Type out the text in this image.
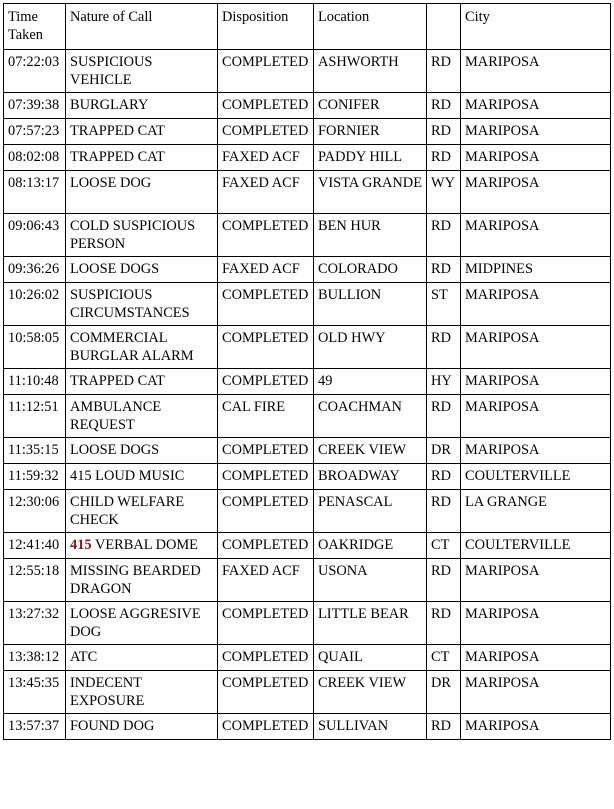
Time Taken	Nature of Call	Disposition	Location		City
07:22:03	SUSPICIOUS VEHICLE	COMPLETED	ASHWORTH	RD	MARIPOSA
07:39:38	BURGLARY	COMPLETED	CONIFER	RD	MARIPOSA
07:57:23	TRAPPED CAT	COMPLETED	FORNIER	RD	MARIPOSA
08:02:08	TRAPPED CAT	FAXED ACF	PADDY HILL	RD	MARIPOSA
08:13:17	LOOSE DOG	FAXED ACF	VISTA GRANDE	WY	MARIPOSA
09:06:43	COLD SUSPICIOUS PERSON	COMPLETED	BEN HUR	RD	MARIPOSA
09:36:26	LOOSE DOGS	FAXED ACF	COLORADO	RD	MIDPINES
10:26:02	SUSPICIOUS CIRCUMSTANCES	COMPLETED	BULLION	ST	MARIPOSA
10:58:05	COMMERCIAL BURGLAR ALARM	COMPLETED	OLD HWY	RD	MARIPOSA
11:10:48	TRAPPED CAT	COMPLETED	49	HY	MARIPOSA
11:12:51	AMBULANCE REQUEST	CAL FIRE	COACHMAN	RD	MARIPOSA
11:35:15	LOOSE DOGS	COMPLETED	CREEK VIEW	DR	MARIPOSA
11:59:32	415 LOUD MUSIC	COMPLETED	BROADWAY	RD	COULTERVILLE
12:30:06	CHILD WELFARE CHECK	COMPLETED	PENASCAL	RD	LA GRANGE
12:41:40	415 VERBAL DOME	COMPLETED	OAKRIDGE	CT	COULTERVILLE
12:55:18	MISSING BEARDED DRAGON	FAXED ACF	USONA	RD	MARIPOSA
13:27:32	LOOSE AGGRESIVE DOG	COMPLETED	LITTLE BEAR	RD	MARIPOSA
13:38:12	ATC	COMPLETED	QUAIL	CT	MARIPOSA
13:45:35	INDECENT EXPOSURE	COMPLETED	CREEK VIEW	DR	MARIPOSA
13:57:37	FOUND DOG	COMPLETED	SULLIVAN	RD	MARIPOSA
